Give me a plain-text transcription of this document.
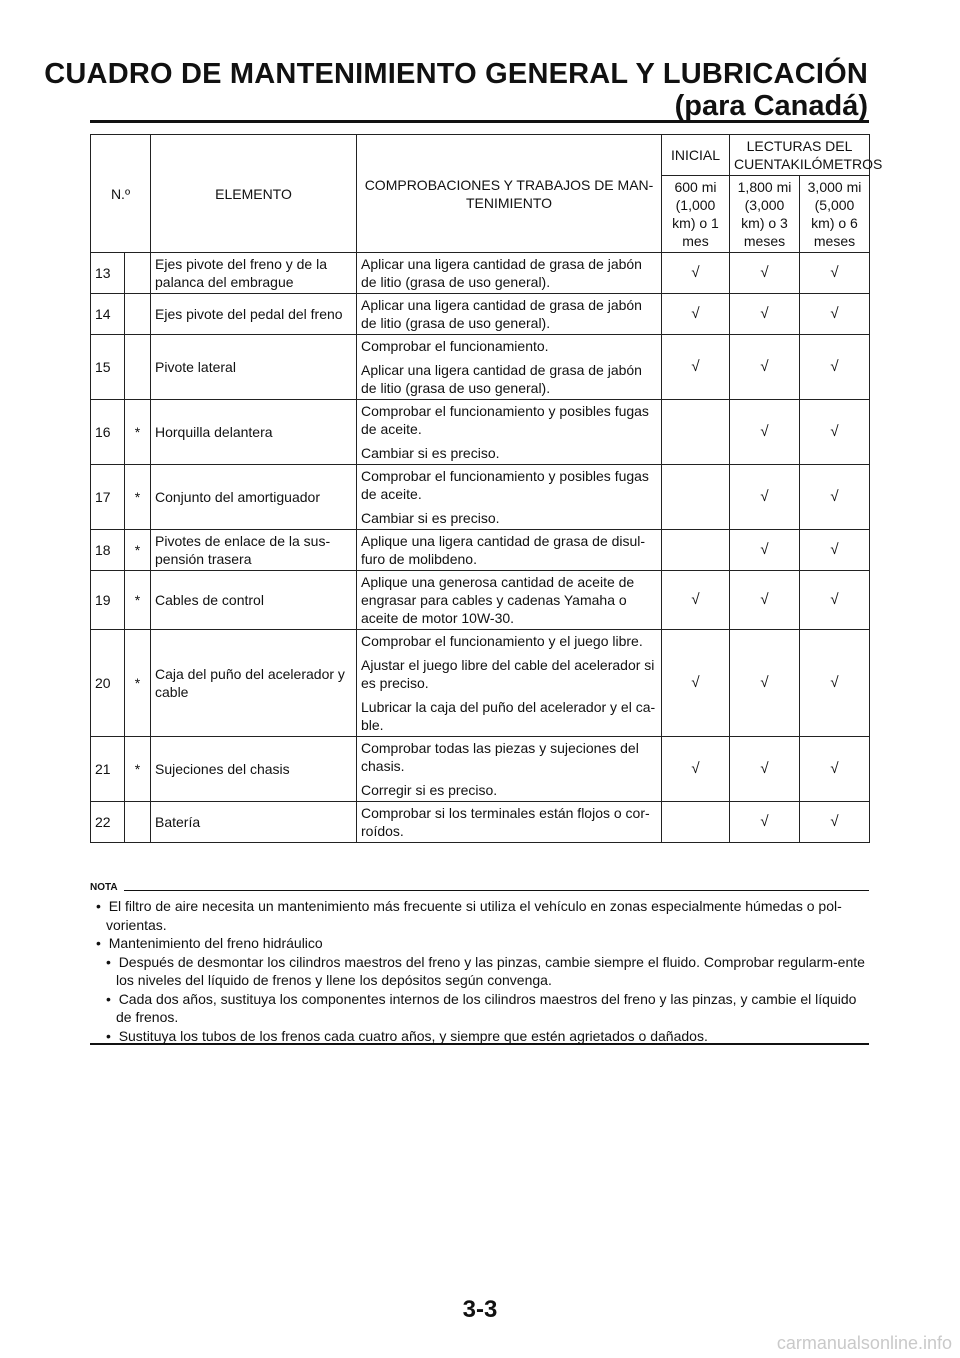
CUADRO DE MANTENIMIENTO GENERAL Y LUBRICACIÓN
(para Canadá)
N.º		ELEMENTO	COMPROBACIONES Y TRABAJOS DE MAN-TENIMIENTO	INICIAL	LECTURAS DEL CUENTAKILÓMETROS	
				600 mi (1,000 km) o 1 mes	1,800 mi (3,000 km) o 3 meses	3,000 mi (5,000 km) o 6 meses
13		Ejes pivote del freno y de la palanca del embrague	Aplicar una ligera cantidad de grasa de jabón de litio (grasa de uso general).	√	√	√
14		Ejes pivote del pedal del freno	Aplicar una ligera cantidad de grasa de jabón de litio (grasa de uso general).	√	√	√
15		Pivote lateral	Comprobar el funcionamiento.

Aplicar una ligera cantidad de grasa de jabón de litio (grasa de uso general).	√	√	√
16	*	Horquilla delantera	Comprobar el funcionamiento y posibles fugas de aceite.

Cambiar si es preciso.		√	√
17	*	Conjunto del amortiguador	Comprobar el funcionamiento y posibles fugas de aceite.

Cambiar si es preciso.		√	√
18	*	Pivotes de enlace de la sus-pensión trasera	Aplique una ligera cantidad de grasa de disul-furo de molibdeno.		√	√
19	*	Cables de control	Aplique una generosa cantidad de aceite de engrasar para cables y cadenas Yamaha o aceite de motor 10W-30.	√	√	√
20	*	Caja del puño del acelerador y cable	Comprobar el funcionamiento y el juego libre.

Ajustar el juego libre del cable del acelerador si es preciso.

Lubricar la caja del puño del acelerador y el ca-ble.	√	√	√
21	*	Sujeciones del chasis	Comprobar todas las piezas y sujeciones del chasis.

Corregir si es preciso.	√	√	√
22		Batería	Comprobar si los terminales están flojos o cor-roídos.		√	√
NOTA

•  El filtro de aire necesita un mantenimiento más frecuente si utiliza el vehículo en zonas especialmente húmedas o pol-vorientas.

•  Mantenimiento del freno hidráulico

•  Después de desmontar los cilindros maestros del freno y las pinzas, cambie siempre el fluido. Comprobar regularm-ente los niveles del líquido de frenos y llene los depósitos según convenga.

•  Cada dos años, sustituya los componentes internos de los cilindros maestros del freno y las pinzas, y cambie el líquido de frenos.

•  Sustituya los tubos de los frenos cada cuatro años, y siempre que estén agrietados o dañados.

3-3
carmanualsonline.info
